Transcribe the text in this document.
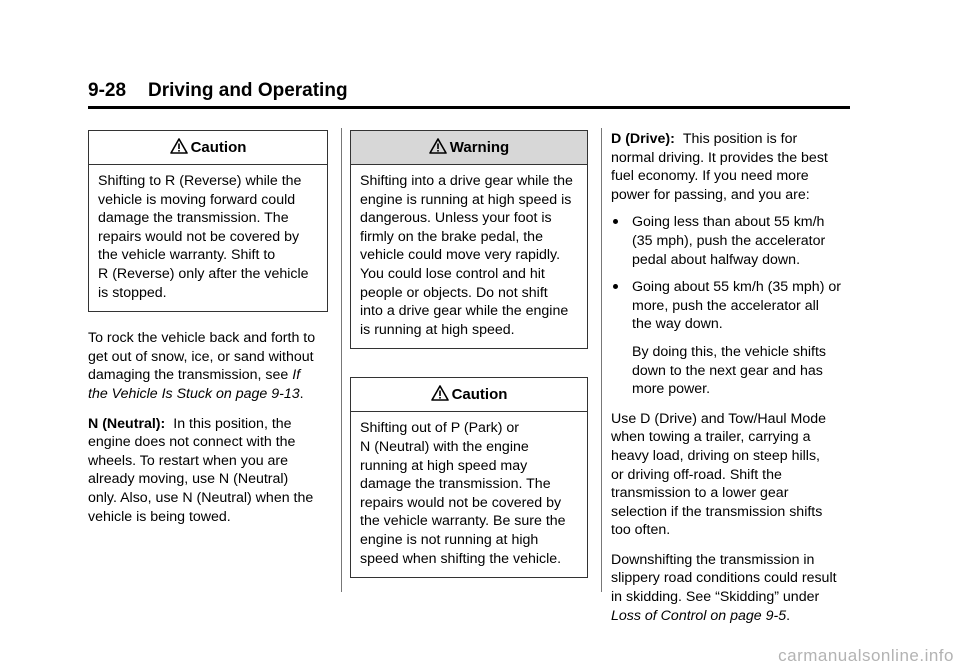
9-28 Driving and Operating
Caution
Shifting to R (Reverse) while the
vehicle is moving forward could
damage the transmission. The
repairs would not be covered by
the vehicle warranty. Shift to
R (Reverse) only after the vehicle
is stopped.
To rock the vehicle back and forth to
get out of snow, ice, or sand without
damaging the transmission, see If
the Vehicle Is Stuck on page 9-13.
N (Neutral): In this position, the
engine does not connect with the
wheels. To restart when you are
already moving, use N (Neutral)
only. Also, use N (Neutral) when the
vehicle is being towed.
Warning
Shifting into a drive gear while the
engine is running at high speed is
dangerous. Unless your foot is
firmly on the brake pedal, the
vehicle could move very rapidly.
You could lose control and hit
people or objects. Do not shift
into a drive gear while the engine
is running at high speed.
Caution
Shifting out of P (Park) or
N (Neutral) with the engine
running at high speed may
damage the transmission. The
repairs would not be covered by
the vehicle warranty. Be sure the
engine is not running at high
speed when shifting the vehicle.
D (Drive): This position is for
normal driving. It provides the best
fuel economy. If you need more
power for passing, and you are:
Going less than about 55 km/h
(35 mph), push the accelerator
pedal about halfway down.
Going about 55 km/h (35 mph) or
more, push the accelerator all
the way down.
By doing this, the vehicle shifts
down to the next gear and has
more power.
Use D (Drive) and Tow/Haul Mode
when towing a trailer, carrying a
heavy load, driving on steep hills,
or driving off-road. Shift the
transmission to a lower gear
selection if the transmission shifts
too often.
Downshifting the transmission in
slippery road conditions could result
in skidding. See “Skidding” under
Loss of Control on page 9-5.
carmanualsonline.info
